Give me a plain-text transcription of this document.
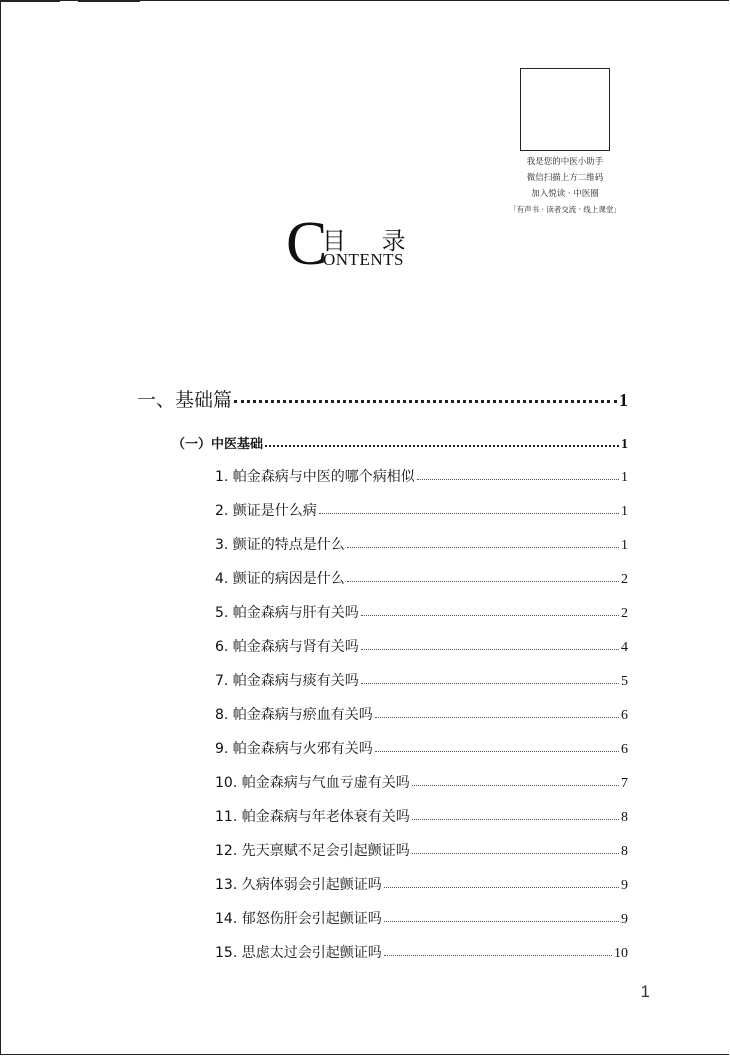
我是您的中医小助手
微信扫描上方二维码
加入悦读 · 中医圈
「有声书 · 读者交流 · 线上课堂」
C
目 录
ONTENTS
一、基础篇	1
（一）中医基础	1
1. 帕金森病与中医的哪个病相似	1
2. 颤证是什么病	1
3. 颤证的特点是什么	1
4. 颤证的病因是什么	2
5. 帕金森病与肝有关吗	2
6. 帕金森病与肾有关吗	4
7. 帕金森病与痰有关吗	5
8. 帕金森病与瘀血有关吗	6
9. 帕金森病与火邪有关吗	6
10. 帕金森病与气血亏虚有关吗	7
11. 帕金森病与年老体衰有关吗	8
12. 先天禀赋不足会引起颤证吗	8
13. 久病体弱会引起颤证吗	9
14. 郁怒伤肝会引起颤证吗	9
15. 思虑太过会引起颤证吗	10
1
